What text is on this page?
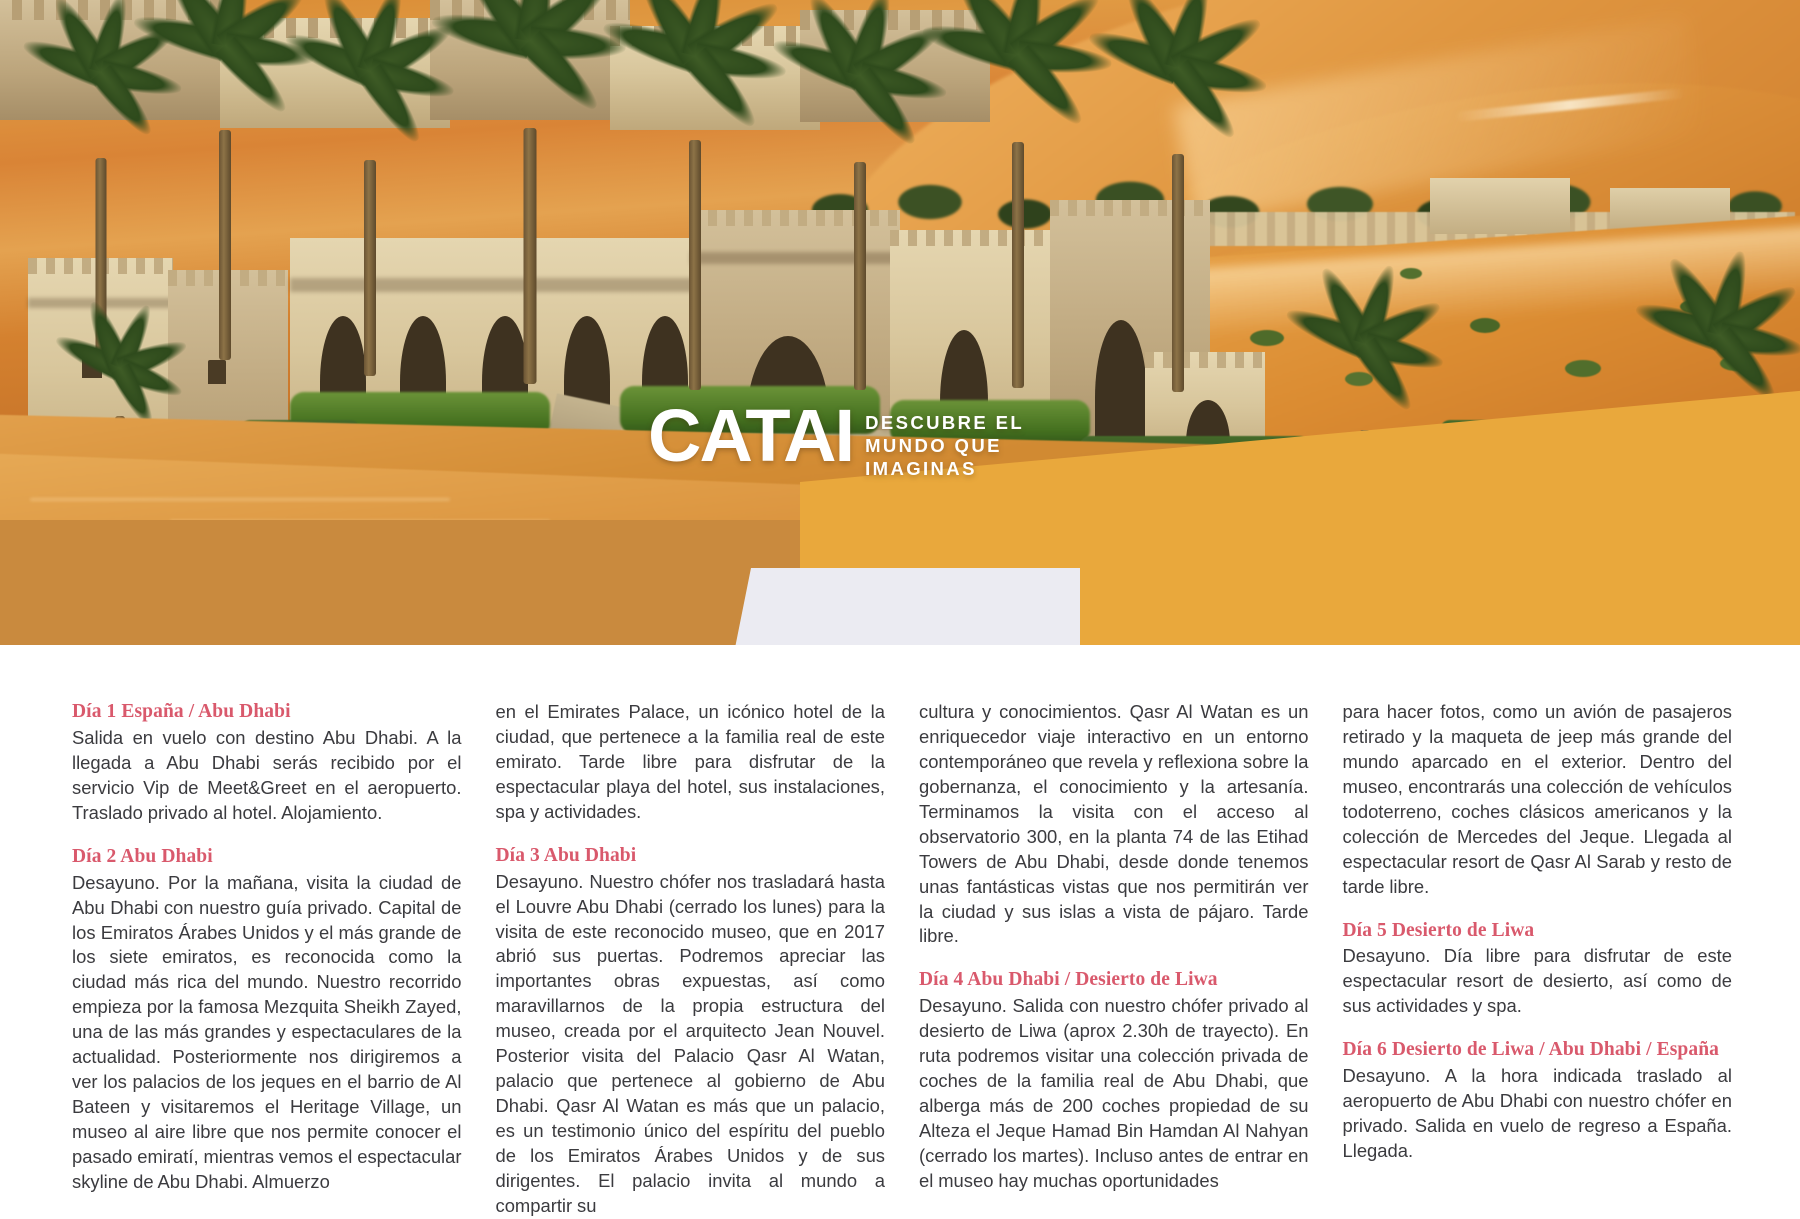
CATAI DESCUBRE EL
MUNDO QUE
IMAGINAS
Día 1 España / Abu Dhabi

Salida en vuelo con destino Abu Dhabi. A la llegada a Abu Dhabi serás recibido por el servicio Vip de Meet&Greet en el aeropuerto. Traslado privado al hotel. Alojamiento.

Día 2 Abu Dhabi

Desayuno. Por la mañana, visita la ciudad de Abu Dhabi con nuestro guía privado. Capital de los Emiratos Árabes Unidos y el más grande de los siete emiratos, es reconocida como la ciudad más rica del mundo. Nuestro recorrido empieza por la famosa Mezquita Sheikh Zayed, una de las más grandes y espectaculares de la actualidad. Posteriormente nos dirigiremos a ver los palacios de los jeques en el barrio de Al Bateen y visitaremos el Heritage Village, un museo al aire libre que nos permite conocer el pasado emiratí, mientras vemos el espectacular skyline de Abu Dhabi. Almuerzo

en el Emirates Palace, un icónico hotel de la ciudad, que pertenece a la familia real de este emirato. Tarde libre para disfrutar de la espectacular playa del hotel, sus instalaciones, spa y actividades.

Día 3 Abu Dhabi

Desayuno. Nuestro chófer nos trasladará hasta el Louvre Abu Dhabi (cerrado los lunes) para la visita de este reconocido museo, que en 2017 abrió sus puertas. Podremos apreciar las importantes obras expuestas, así como maravillarnos de la propia estructura del museo, creada por el arquitecto Jean Nouvel. Posterior visita del Palacio Qasr Al Watan, palacio que pertenece al gobierno de Abu Dhabi. Qasr Al Watan es más que un palacio, es un testimonio único del espíritu del pueblo de los Emiratos Árabes Unidos y de sus dirigentes. El palacio invita al mundo a compartir su

cultura y conocimientos. Qasr Al Watan es un enriquecedor viaje interactivo en un entorno contemporáneo que revela y reflexiona sobre la gobernanza, el conocimiento y la artesanía. Terminamos la visita con el acceso al observatorio 300, en la planta 74 de las Etihad Towers de Abu Dhabi, desde donde tenemos unas fantásticas vistas que nos permitirán ver la ciudad y sus islas a vista de pájaro. Tarde libre.

Día 4 Abu Dhabi / Desierto de Liwa

Desayuno. Salida con nuestro chófer privado al desierto de Liwa (aprox 2.30h de trayecto). En ruta podremos visitar una colección privada de coches de la familia real de Abu Dhabi, que alberga más de 200 coches propiedad de su Alteza el Jeque Hamad Bin Hamdan Al Nahyan (cerrado los martes). Incluso antes de entrar en el museo hay muchas oportunidades

para hacer fotos, como un avión de pasajeros retirado y la maqueta de jeep más grande del mundo aparcado en el exterior. Dentro del museo, encontrarás una colección de vehículos todoterreno, coches clásicos americanos y la colección de Mercedes del Jeque. Llegada al espectacular resort de Qasr Al Sarab y resto de tarde libre.

Día 5 Desierto de Liwa

Desayuno. Día libre para disfrutar de este espectacular resort de desierto, así como de sus actividades y spa.

Día 6 Desierto de Liwa / Abu Dhabi / España

Desayuno. A la hora indicada traslado al aeropuerto de Abu Dhabi con nuestro chófer en privado. Salida en vuelo de regreso a España. Llegada.
